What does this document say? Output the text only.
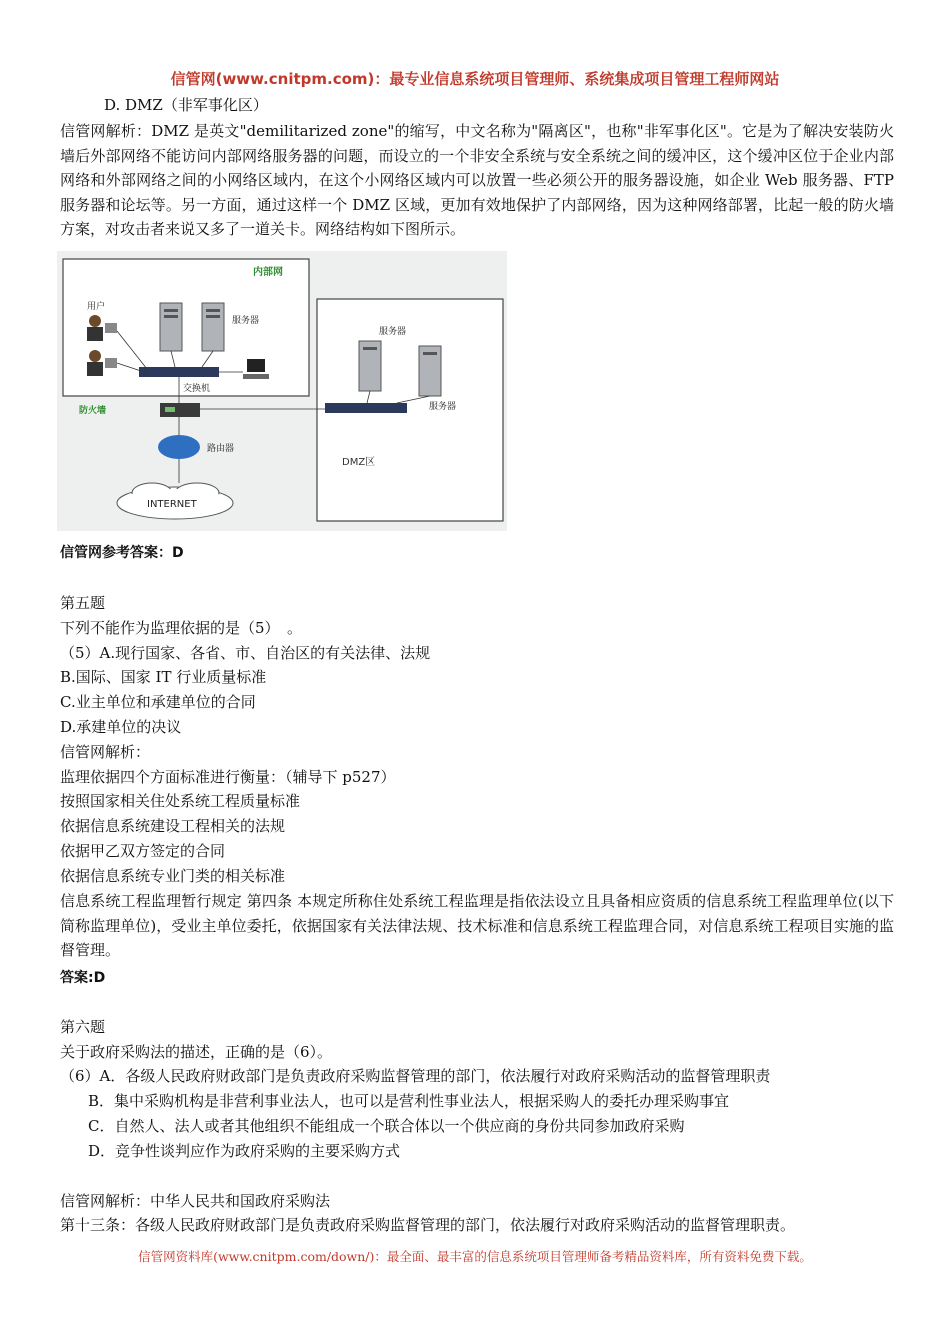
信管网(www.cnitpm.com)：最专业信息系统项目管理师、系统集成项目管理工程师网站
D. DMZ（非军事化区）
信管网解析：DMZ 是英文"demilitarized zone"的缩写，中文名称为"隔离区"，也称"非军事化区"。它是为了解决安装防火墙后外部网络不能访问内部网络服务器的问题，而设立的一个非安全系统与安全系统之间的缓冲区，这个缓冲区位于企业内部网络和外部网络之间的小网络区域内，在这个小网络区域内可以放置一些必须公开的服务器设施，如企业 Web 服务器、FTP 服务器和论坛等。另一方面，通过这样一个 DMZ 区域，更加有效地保护了内部网络，因为这种网络部署，比起一般的防火墙方案，对攻击者来说又多了一道关卡。网络结构如下图所示。
内部网
DMZ区
用户
服务器
交换机
防火墙
服务器
服务器
路由器
INTERNET
信管网参考答案：D
第五题
下列不能作为监理依据的是（5）　。
（5）A.现行国家、各省、市、自治区的有关法律、法规
B.国际、国家 IT 行业质量标准
C.业主单位和承建单位的合同
D.承建单位的决议
信管网解析：
监理依据四个方面标准进行衡量：（辅导下 p527）
按照国家相关住处系统工程质量标准
依据信息系统建设工程相关的法规
依据甲乙双方签定的合同
依据信息系统专业门类的相关标准
信息系统工程监理暂行规定 第四条 本规定所称住处系统工程监理是指依法设立且具备相应资质的信息系统工程监理单位(以下简称监理单位)，受业主单位委托，依据国家有关法律法规、技术标准和信息系统工程监理合同，对信息系统工程项目实施的监督管理。
答案:D
第六题
关于政府采购法的描述，正确的是（6）。
（6）A．各级人民政府财政部门是负责政府采购监督管理的部门，依法履行对政府采购活动的监督管理职责
B．集中采购机构是非营利事业法人，也可以是营利性事业法人，根据采购人的委托办理采购事宜
C．自然人、法人或者其他组织不能组成一个联合体以一个供应商的身份共同参加政府采购
D．竞争性谈判应作为政府采购的主要采购方式
信管网解析：中华人民共和国政府采购法
第十三条：各级人民政府财政部门是负责政府采购监督管理的部门，依法履行对政府采购活动的监督管理职责。
信管网资料库(www.cnitpm.com/down/)：最全面、最丰富的信息系统项目管理师备考精品资料库，所有资料免费下载。
